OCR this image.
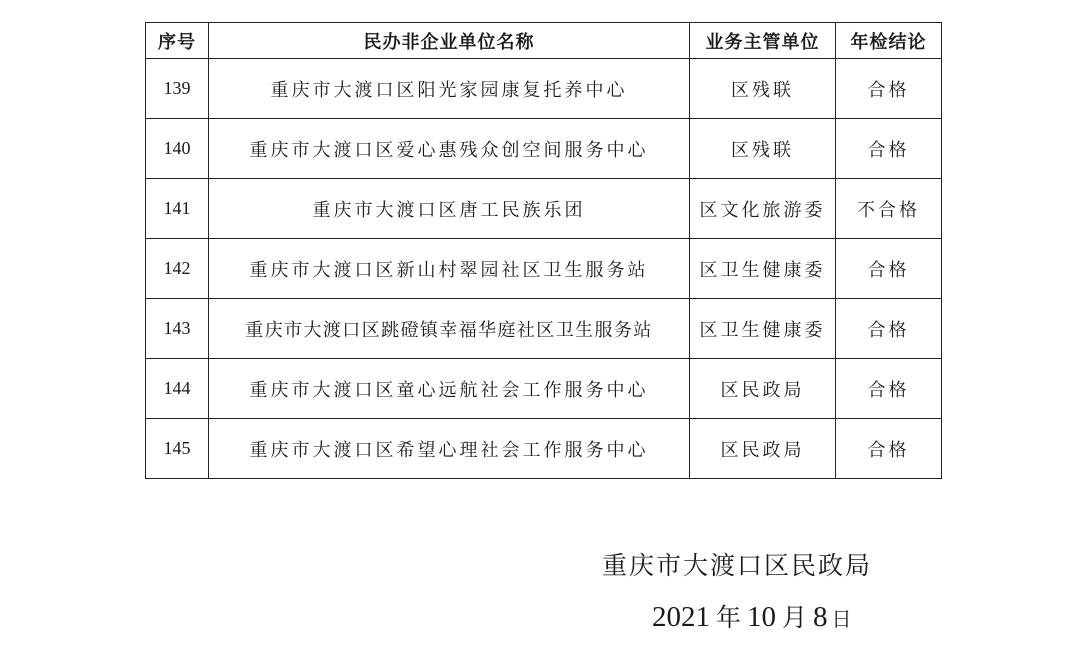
序号	民办非企业单位名称	业务主管单位	年检结论
139	重庆市大渡口区阳光家园康复托养中心	区残联	合格
140	重庆市大渡口区爱心惠残众创空间服务中心	区残联	合格
141	重庆市大渡口区唐工民族乐团	区文化旅游委	不合格
142	重庆市大渡口区新山村翠园社区卫生服务站	区卫生健康委	合格
143	重庆市大渡口区跳磴镇幸福华庭社区卫生服务站	区卫生健康委	合格
144	重庆市大渡口区童心远航社会工作服务中心	区民政局	合格
145	重庆市大渡口区希望心理社会工作服务中心	区民政局	合格
重庆市大渡口区民政局
2021 年 10 月 8 日
